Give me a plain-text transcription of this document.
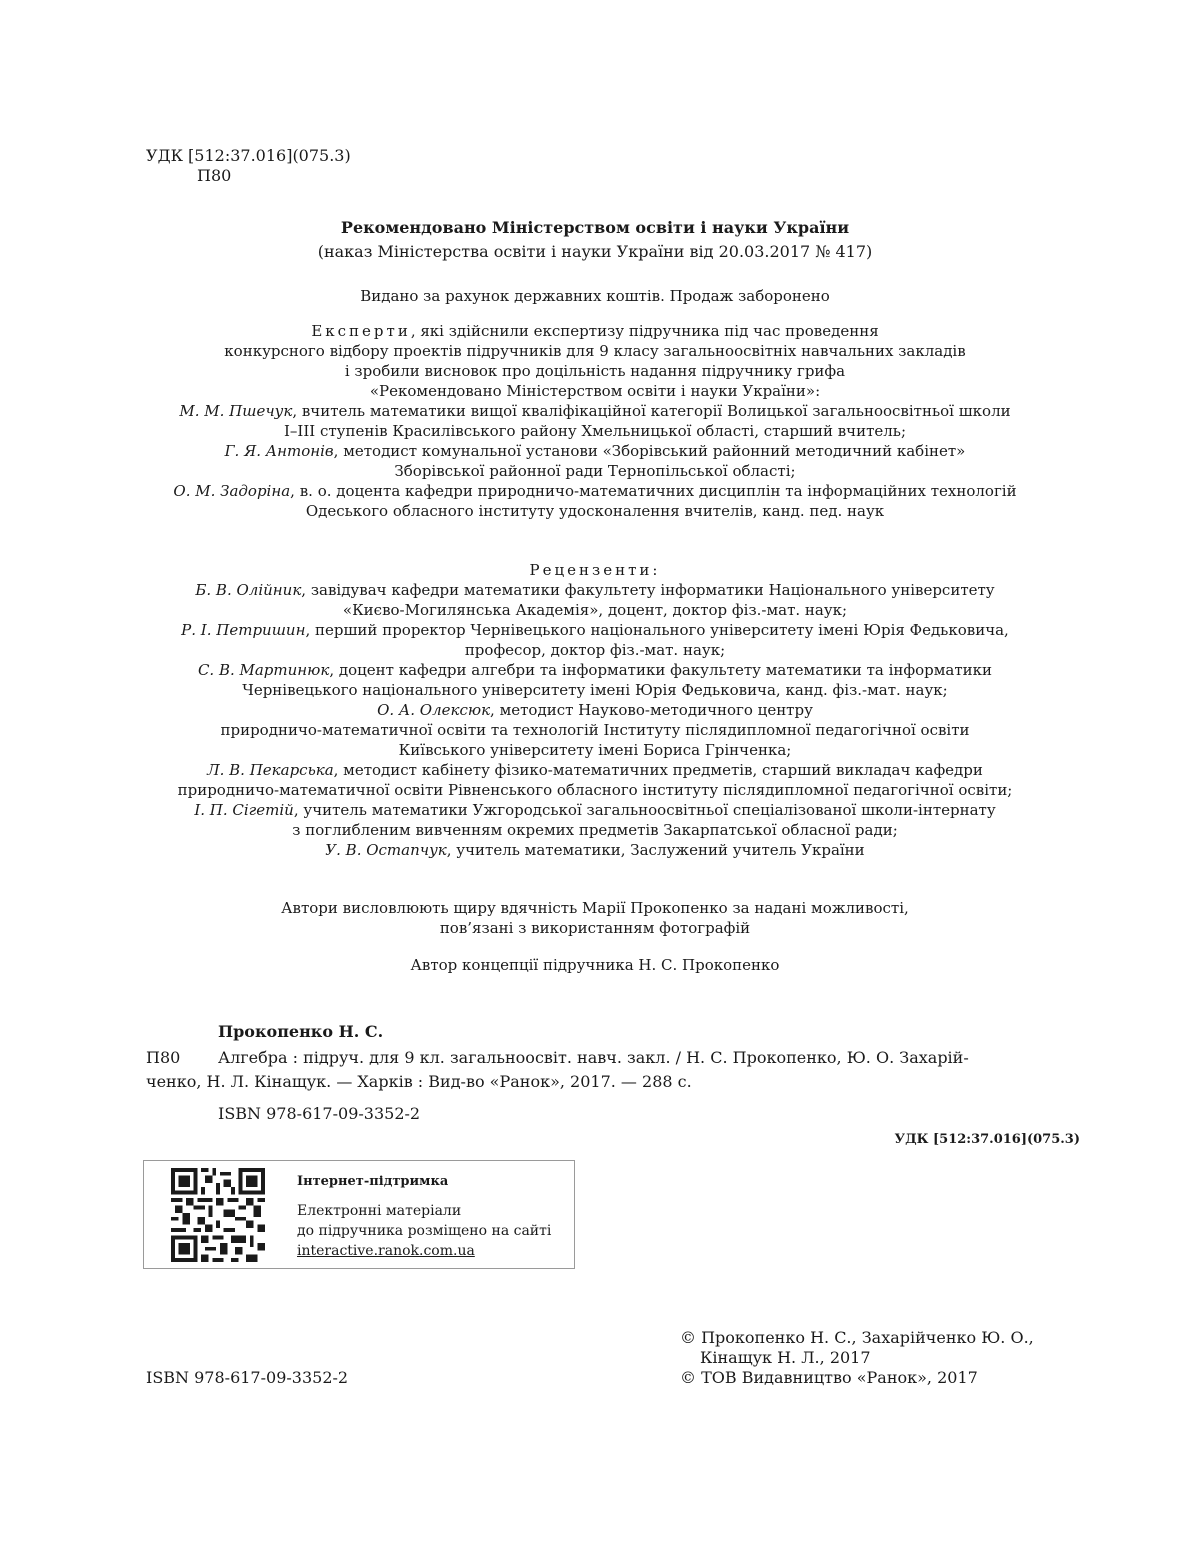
УДК [512:37.016](075.3)
П80
Рекомендовано Міністерством освіти і науки України
(наказ Міністерства освіти і науки України від 20.03.2017 № 417)
Видано за рахунок державних коштів. Продаж заборонено
Експерти, які здійснили експертизу підручника під час проведення
конкурсного відбору проектів підручників для 9 класу загальноосвітніх навчальних закладів
і зробили висновок про доцільність надання підручнику грифа
«Рекомендовано Міністерством освіти і науки України»:
М. М. Пшечук, вчитель математики вищої кваліфікаційної категорії Волицької загальноосвітньої школи
І–ІІІ ступенів Красилівського району Хмельницької області, старший вчитель;
Г. Я. Антонів, методист комунальної установи «Зборівський районний методичний кабінет»
Зборівської районної ради Тернопільської області;
О. М. Задоріна, в. о. доцента кафедри природничо-математичних дисциплін та інформаційних технологій
Одеського обласного інституту удосконалення вчителів, канд. пед. наук
Рецензенти:
Б. В. Олійник, завідувач кафедри математики факультету інформатики Національного університету
«Києво-Могилянська Академія», доцент, доктор фіз.-мат. наук;
Р. І. Петришин, перший проректор Чернівецького національного університету імені Юрія Федьковича,
професор, доктор фіз.-мат. наук;
С. В. Мартинюк, доцент кафедри алгебри та інформатики факультету математики та інформатики
Чернівецького національного університету імені Юрія Федьковича, канд. фіз.-мат. наук;
О. А. Олексюк, методист Науково-методичного центру
природничо-математичної освіти та технологій Інституту післядипломної педагогічної освіти
Київського університету імені Бориса Грінченка;
Л. В. Пекарська, методист кабінету фізико-математичних предметів, старший викладач кафедри
природничо-математичної освіти Рівненського обласного інституту післядипломної педагогічної освіти;
І. П. Сігетій, учитель математики Ужгородської загальноосвітньої спеціалізованої школи-інтернату
з поглибленим вивченням окремих предметів Закарпатської обласної ради;
У. В. Остапчук, учитель математики, Заслужений учитель України
Автори висловлюють щиру вдячність Марії Прокопенко за надані можливості,
пов’язані з використанням фотографій
Автор концепції підручника Н. С. Прокопенко
Прокопенко Н. С.
П80 Алгебра : підруч. для 9 кл. загальноосвіт. навч. закл. / Н. С. Прокопенко, Ю. О. Захарій-
ченко, Н. Л. Кінащук. — Харків : Вид-во «Ранок», 2017. — 288 с.
ISBN 978-617-09-3352-2
УДК [512:37.016](075.3)
Інтернет-підтримка
Електронні матеріали
до підручника розміщено на сайті
interactive.ranok.com.ua
ISBN 978-617-09-3352-2
© Прокопенко Н. С., Захарійченко Ю. О.,
Кінащук Н. Л., 2017
© ТОВ Видавництво «Ранок», 2017
